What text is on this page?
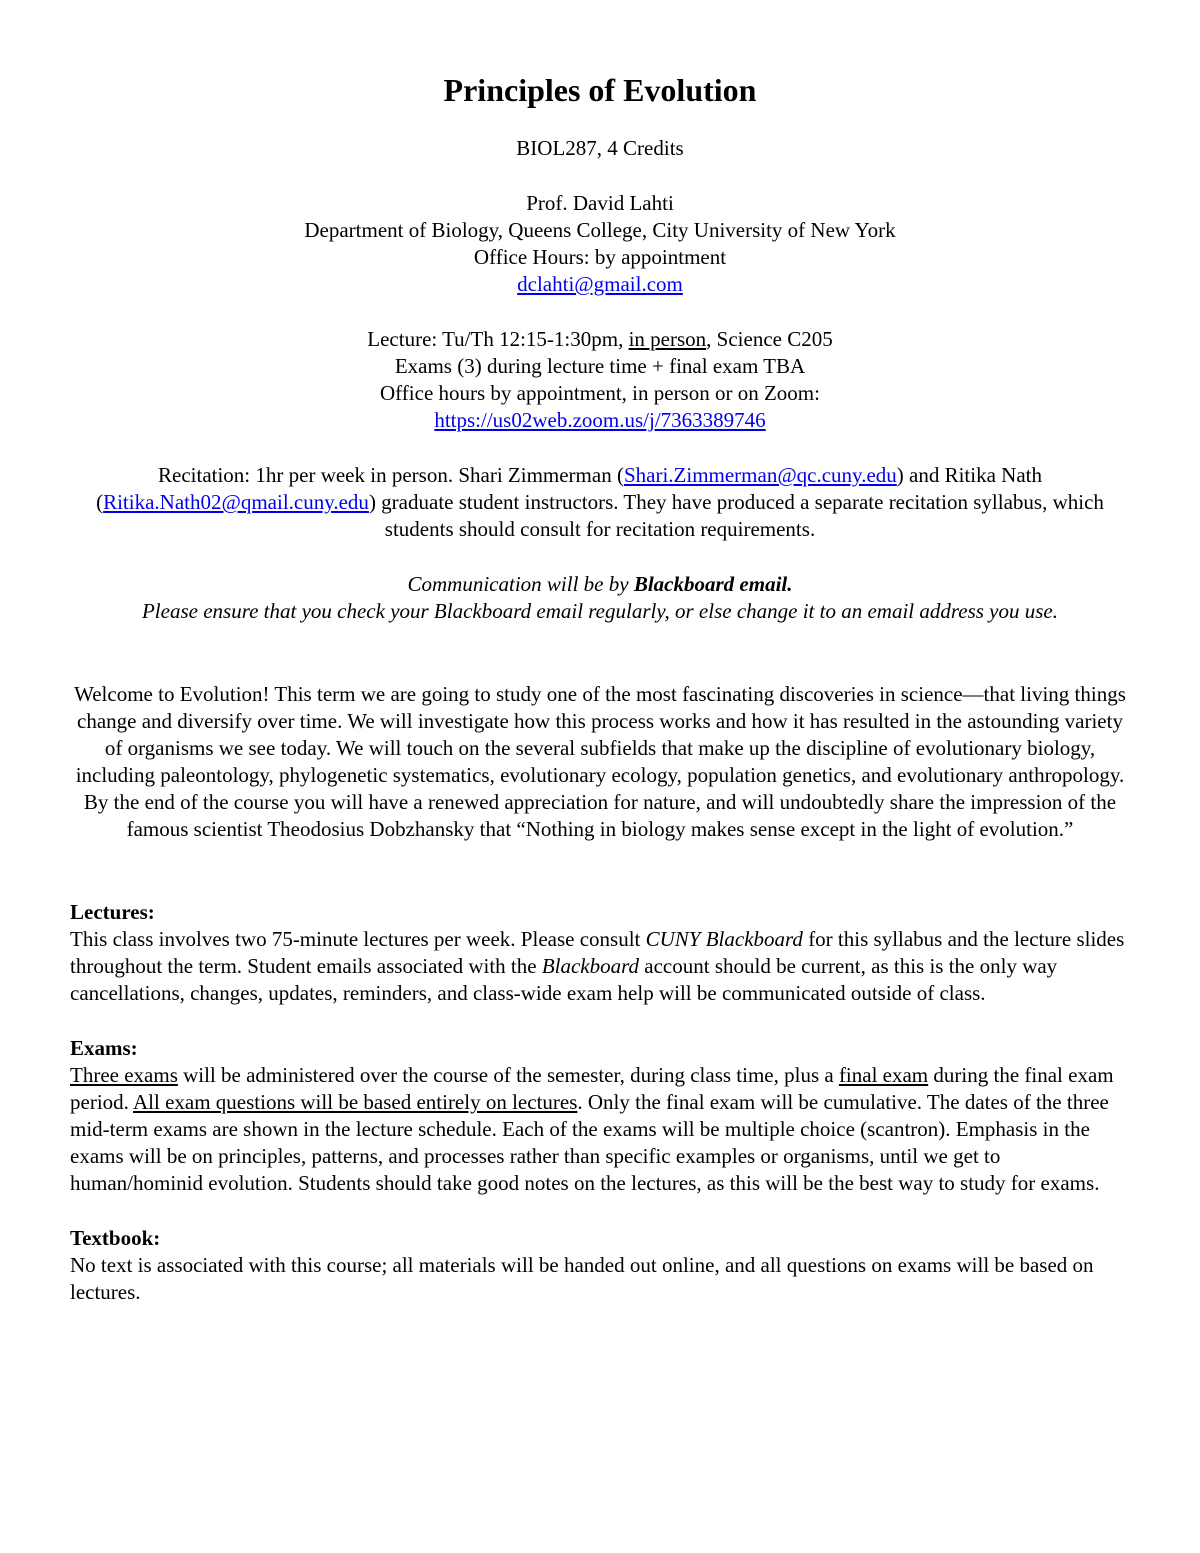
Principles of Evolution
BIOL287, 4 Credits
Prof. David Lahti
Department of Biology, Queens College, City University of New York
Office Hours: by appointment
dclahti@gmail.com
Lecture: Tu/Th 12:15-1:30pm, in person, Science C205
Exams (3) during lecture time + final exam TBA
Office hours by appointment, in person or on Zoom:
https://us02web.zoom.us/j/7363389746

Recitation: 1hr per week in person. Shari Zimmerman (Shari.Zimmerman@qc.cuny.edu) and Ritika Nath (Ritika.Nath02@qmail.cuny.edu) graduate student instructors. They have produced a separate recitation syllabus, which students should consult for recitation requirements.

Communication will be by Blackboard email.
Please ensure that you check your Blackboard email regularly, or else change it to an email address you use.

Welcome to Evolution! This term we are going to study one of the most fascinating discoveries in science—that living things change and diversify over time. We will investigate how this process works and how it has resulted in the astounding variety of organisms we see today. We will touch on the several subfields that make up the discipline of evolutionary biology, including paleontology, phylogenetic systematics, evolutionary ecology, population genetics, and evolutionary anthropology. By the end of the course you will have a renewed appreciation for nature, and will undoubtedly share the impression of the famous scientist Theodosius Dobzhansky that “Nothing in biology makes sense except in the light of evolution.”

Lectures:

This class involves two 75-minute lectures per week. Please consult CUNY Blackboard for this syllabus and the lecture slides throughout the term. Student emails associated with the Blackboard account should be current, as this is the only way cancellations, changes, updates, reminders, and class-wide exam help will be communicated outside of class.

Exams:

Three exams will be administered over the course of the semester, during class time, plus a final exam during the final exam period. All exam questions will be based entirely on lectures. Only the final exam will be cumulative. The dates of the three mid-term exams are shown in the lecture schedule. Each of the exams will be multiple choice (scantron). Emphasis in the exams will be on principles, patterns, and processes rather than specific examples or organisms, until we get to human/hominid evolution. Students should take good notes on the lectures, as this will be the best way to study for exams.

Textbook:

No text is associated with this course; all materials will be handed out online, and all questions on exams will be based on lectures.
